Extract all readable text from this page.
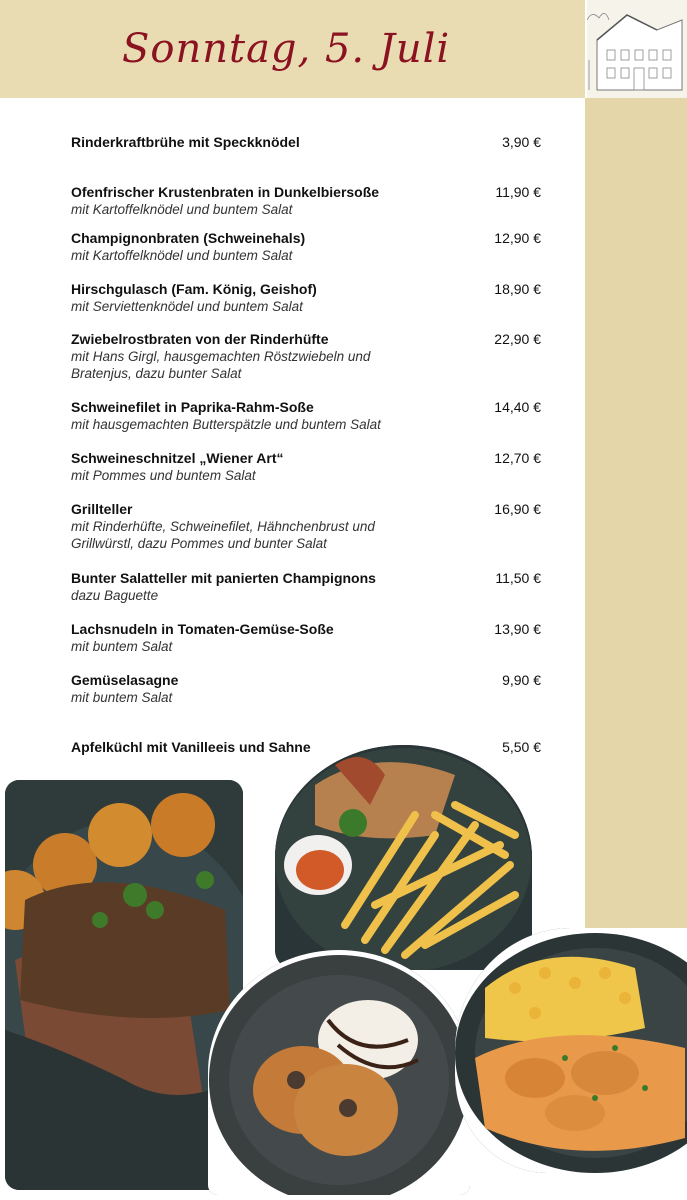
Sonntag, 5. Juli
Rinderkraftbrühe mit Speckknödel	3,90 €
Ofenfrischer Krustenbraten in Dunkelbiersoße
mit Kartoffelknödel und buntem Salat
11,90 €
Champignonbraten (Schweinehals)
mit Kartoffelknödel und buntem Salat
12,90 €
Hirschgulasch (Fam. König, Geishof)
mit Serviettenknödel und buntem Salat
18,90 €
Zwiebelrostbraten von der Rinderhüfte
mit Hans Girgl, hausgemachten Röstzwiebeln und Bratenjus, dazu bunter Salat
22,90 €
Schweinefilet in Paprika-Rahm-Soße
mit hausgemachten Butterspätzle und buntem Salat
14,40 €
Schweineschnitzel „Wiener Art“
mit Pommes und buntem Salat
12,70 €
Grillteller
mit Rinderhüfte, Schweinefilet, Hähnchenbrust und Grillwürstl, dazu Pommes und bunter Salat
16,90 €
Bunter Salatteller mit panierten Champignons
dazu Baguette
11,50 €
Lachsnudeln in Tomaten-Gemüse-Soße
mit buntem Salat
13,90 €
Gemüselasagne
mit buntem Salat
9,90 €
Apfelküchl mit Vanilleeis und Sahne	5,50 €
